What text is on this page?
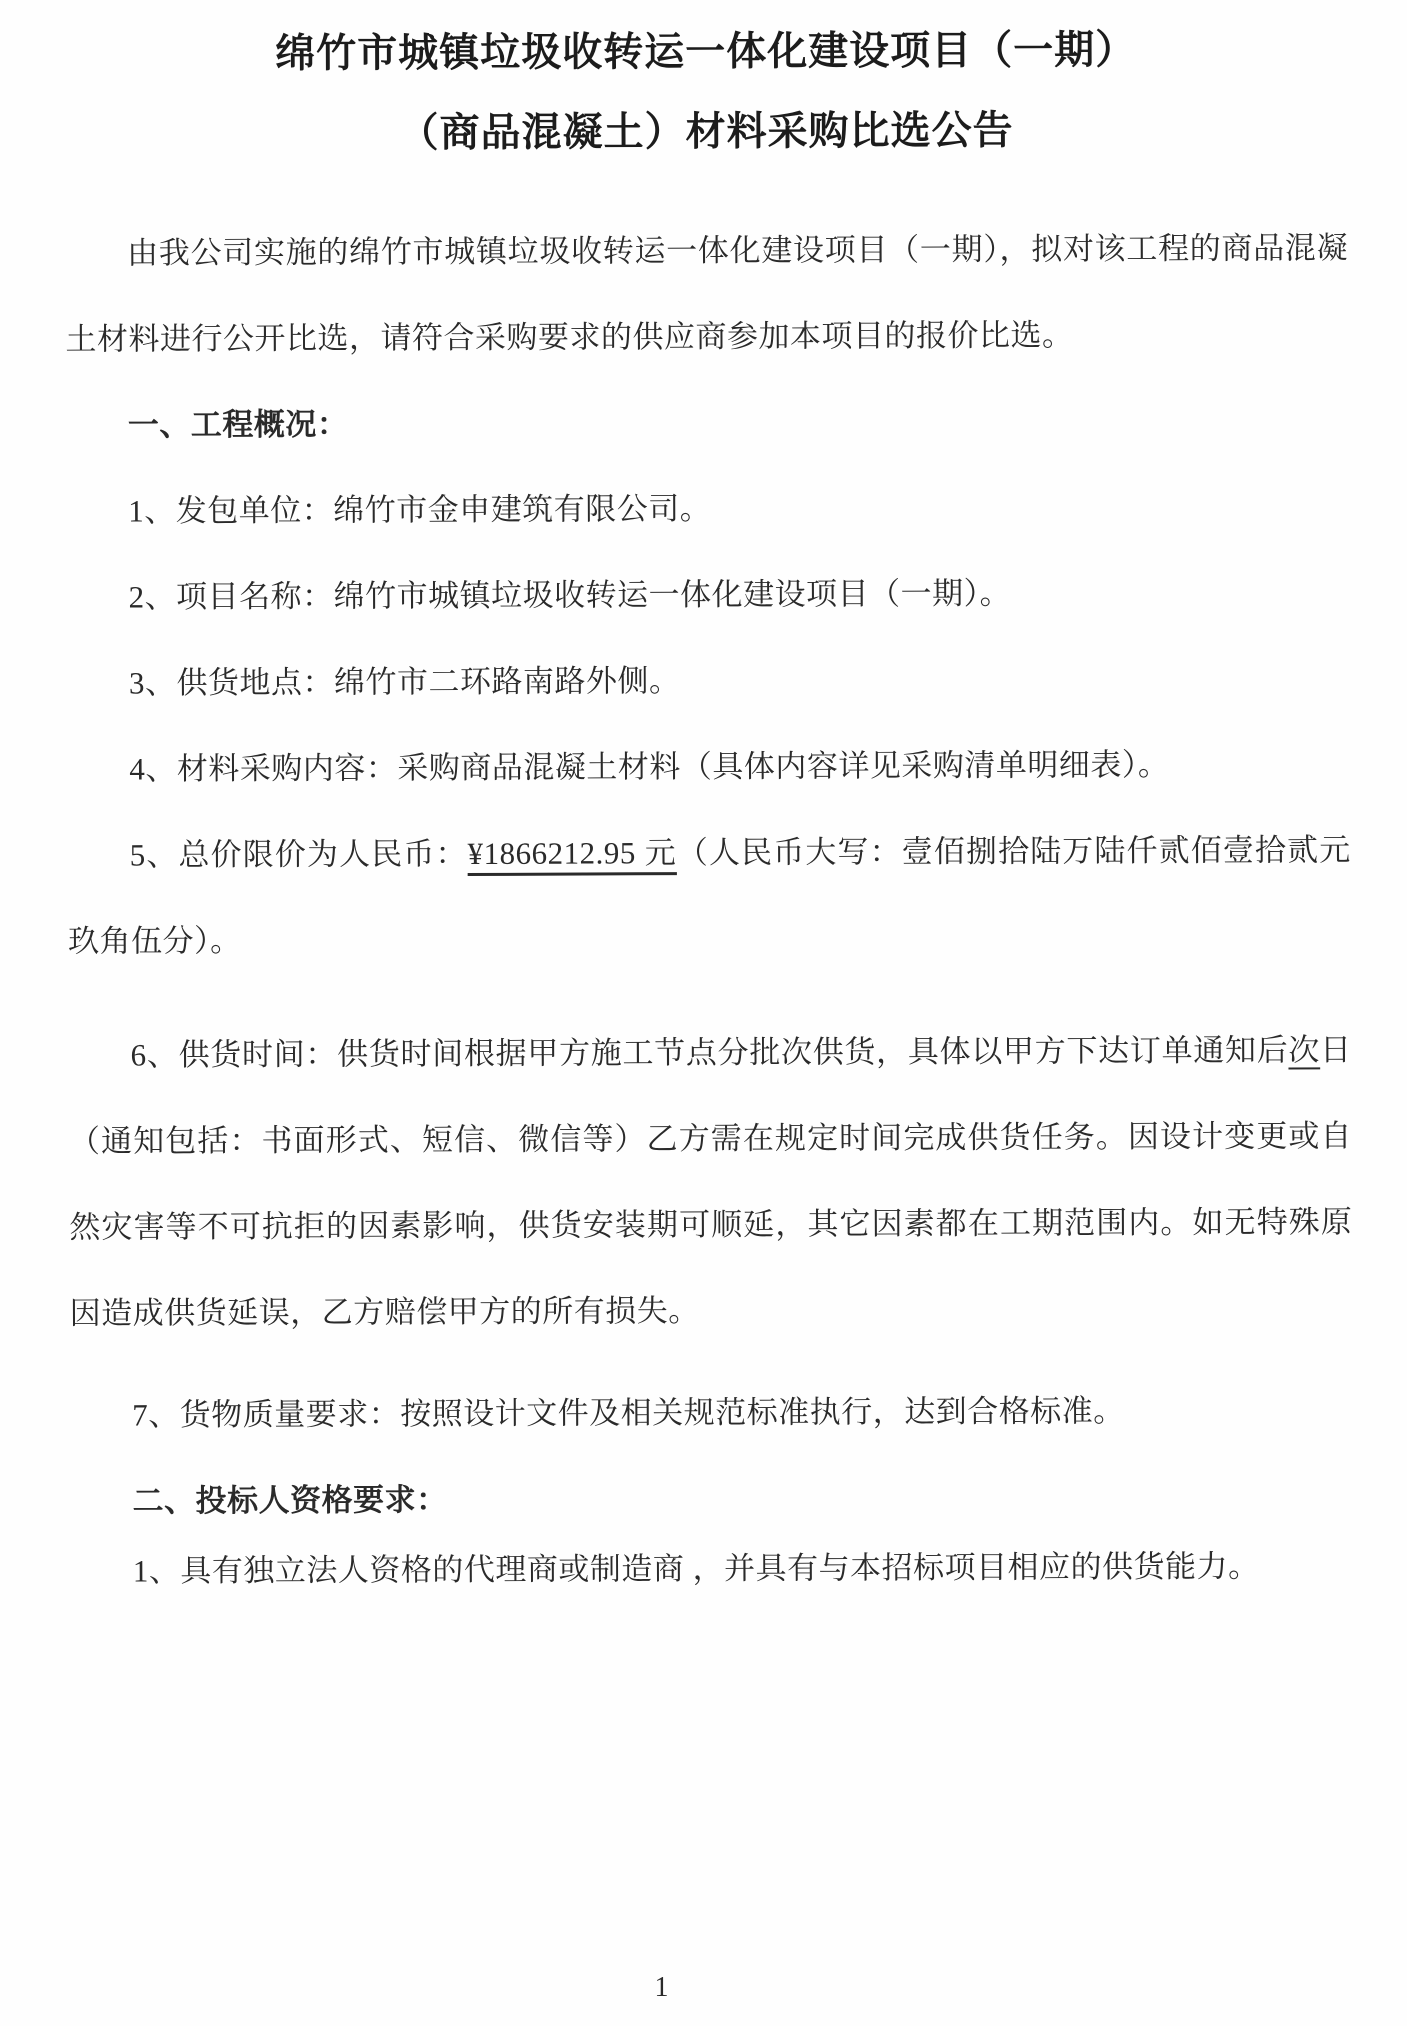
绵竹市城镇垃圾收转运一体化建设项目（一期）
（商品混凝土）材料采购比选公告

由我公司实施的绵竹市城镇垃圾收转运一体化建设项目（一期），拟对该工程的商品混凝土材料进行公开比选，请符合采购要求的供应商参加本项目的报价比选。

一、工程概况：

1、发包单位：绵竹市金申建筑有限公司。

2、项目名称：绵竹市城镇垃圾收转运一体化建设项目（一期）。

3、供货地点：绵竹市二环路南路外侧。

4、材料采购内容：采购商品混凝土材料（具体内容详见采购清单明细表）。

5、总价限价为人民币：¥1866212.95 元（人民币大写：壹佰捌拾陆万陆仟贰佰壹拾贰元玖角伍分）。

6、供货时间：供货时间根据甲方施工节点分批次供货，具体以甲方下达订单通知后次日（通知包括：书面形式、短信、微信等）乙方需在规定时间完成供货任务。因设计变更或自然灾害等不可抗拒的因素影响，供货安装期可顺延，其它因素都在工期范围内。如无特殊原因造成供货延误，乙方赔偿甲方的所有损失。

7、货物质量要求：按照设计文件及相关规范标准执行，达到合格标准。

二、投标人资格要求：

1、具有独立法人资格的代理商或制造商 ，并具有与本招标项目相应的供货能力。

1
